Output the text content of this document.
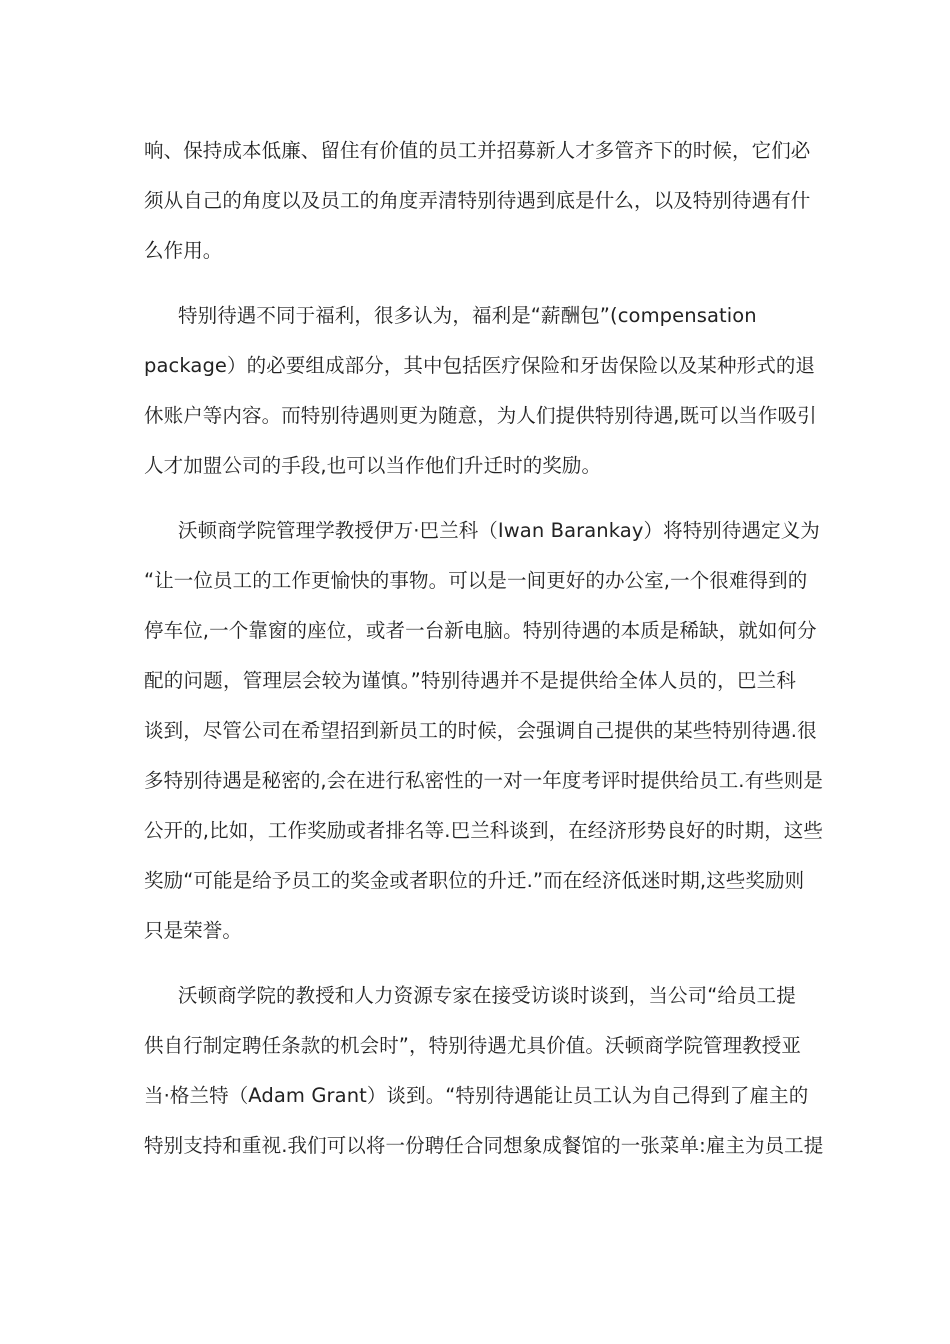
响、保持成本低廉、留住有价值的员工并招募新人才多管齐下的时候，它们必
须从自己的角度以及员工的角度弄清特别待遇到底是什么，以及特别待遇有什
么作用。
特别待遇不同于福利，很多认为，福利是“薪酬包”(compensation
package）的必要组成部分，其中包括医疗保险和牙齿保险以及某种形式的退
休账户等内容。而特别待遇则更为随意，为人们提供特别待遇,既可以当作吸引
人才加盟公司的手段,也可以当作他们升迁时的奖励。
沃顿商学院管理学教授伊万·巴兰科（Iwan Barankay）将特别待遇定义为
“让一位员工的工作更愉快的事物。可以是一间更好的办公室,一个很难得到的
停车位,一个靠窗的座位，或者一台新电脑。特别待遇的本质是稀缺，就如何分
配的问题，管理层会较为谨慎。”特别待遇并不是提供给全体人员的，巴兰科
谈到，尽管公司在希望招到新员工的时候，会强调自己提供的某些特别待遇.很
多特别待遇是秘密的,会在进行私密性的一对一年度考评时提供给员工.有些则是
公开的,比如，工作奖励或者排名等.巴兰科谈到，在经济形势良好的时期，这些
奖励“可能是给予员工的奖金或者职位的升迁.”而在经济低迷时期,这些奖励则
只是荣誉。
沃顿商学院的教授和人力资源专家在接受访谈时谈到，当公司“给员工提
供自行制定聘任条款的机会时”，特别待遇尤具价值。沃顿商学院管理教授亚
当·格兰特（Adam Grant）谈到。“特别待遇能让员工认为自己得到了雇主的
特别支持和重视.我们可以将一份聘任合同想象成餐馆的一张菜单:雇主为员工提
